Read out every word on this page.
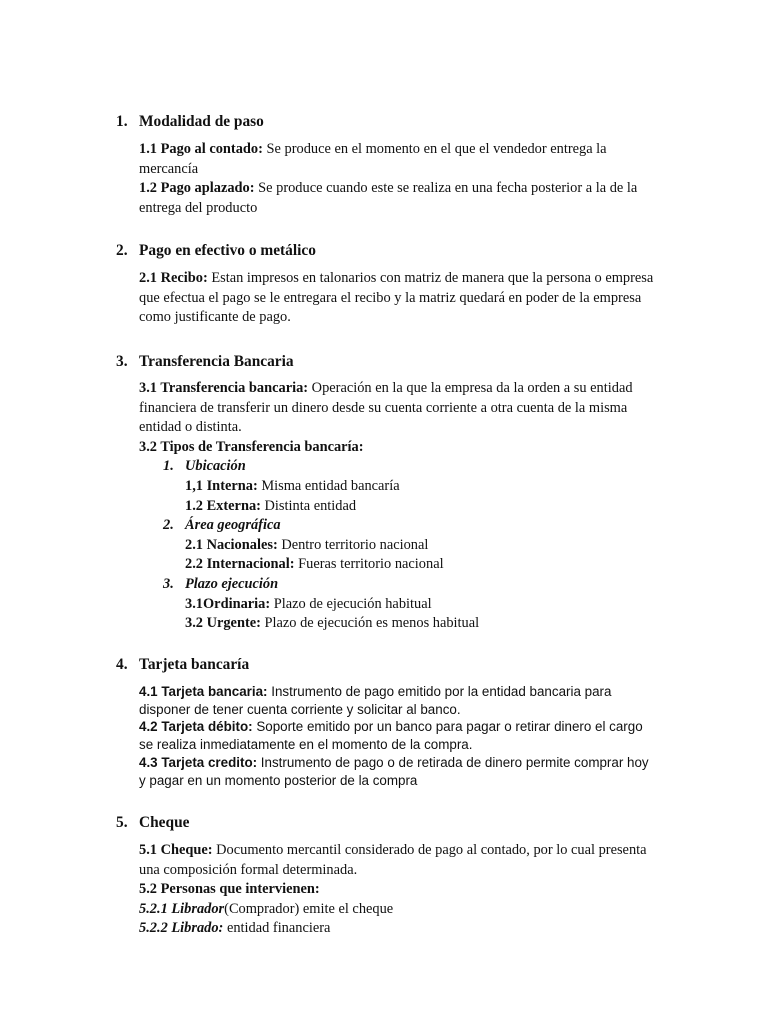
1. Modalidad de paso

1.1 Pago al contado: Se produce en el momento en el que el vendedor entrega la mercancía

1.2 Pago aplazado: Se produce cuando este se realiza en una fecha posterior a la de la entrega del producto

2. Pago en efectivo o metálico

2.1 Recibo: Estan impresos en talonarios con matriz de manera que la persona o empresa que efectua el pago se le entregara el recibo y la matriz quedará en poder de la empresa como justificante de pago.

3. Transferencia Bancaria

3.1 Transferencia bancaria: Operación en la que la empresa da la orden a su entidad financiera de transferir un dinero desde su cuenta corriente a otra cuenta de la misma entidad o distinta.

3.2 Tipos de Transferencia bancaría:

1. Ubicación

1,1 Interna: Misma entidad bancaría

1.2 Externa: Distinta entidad

2. Área geográfica

2.1 Nacionales: Dentro territorio nacional

2.2 Internacional: Fueras territorio nacional

3. Plazo ejecución

3.1Ordinaria: Plazo de ejecución habitual

3.2 Urgente: Plazo de ejecución es menos habitual

4. Tarjeta bancaría

4.1 Tarjeta bancaria: Instrumento de pago emitido por la entidad bancaria para disponer de tener cuenta corriente y solicitar al banco.

4.2 Tarjeta débito: Soporte emitido por un banco para pagar o retirar dinero el cargo se realiza inmediatamente en el momento de la compra.

4.3 Tarjeta credito: Instrumento de pago o de retirada de dinero permite comprar hoy y pagar en un momento posterior de la compra

5. Cheque

5.1 Cheque: Documento mercantil considerado de pago al contado, por lo cual presenta una composición formal determinada.

5.2 Personas que intervienen:

5.2.1 Librador(Comprador) emite el cheque

5.2.2 Librado: entidad financiera
